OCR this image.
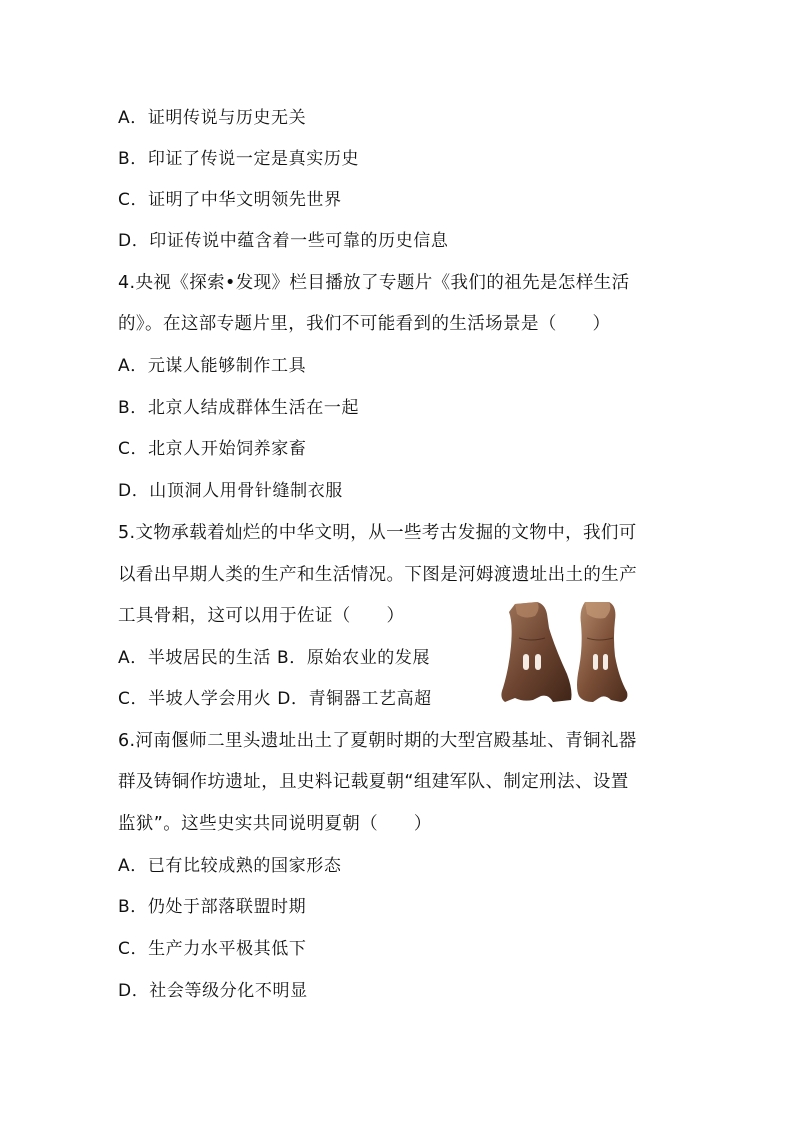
A．证明传说与历史无关
B．印证了传说一定是真实历史
C．证明了中华文明领先世界
D．印证传说中蕴含着一些可靠的历史信息
4.央视《探索•发现》栏目播放了专题片《我们的祖先是怎样生活
的》。在这部专题片里，我们不可能看到的生活场景是（　　）
A．元谋人能够制作工具
B．北京人结成群体生活在一起
C．北京人开始饲养家畜
D．山顶洞人用骨针缝制衣服
5.文物承载着灿烂的中华文明，从一些考古发掘的文物中，我们可
以看出早期人类的生产和生活情况。下图是河姆渡遗址出土的生产
工具骨耜，这可以用于佐证（　　）
A．半坡居民的生活 B．原始农业的发展
C．半坡人学会用火 D．青铜器工艺高超
6.河南偃师二里头遗址出土了夏朝时期的大型宫殿基址、青铜礼器
群及铸铜作坊遗址，且史料记载夏朝“组建军队、制定刑法、设置
监狱”。这些史实共同说明夏朝（　　）
A．已有比较成熟的国家形态
B．仍处于部落联盟时期
C．生产力水平极其低下
D．社会等级分化不明显
